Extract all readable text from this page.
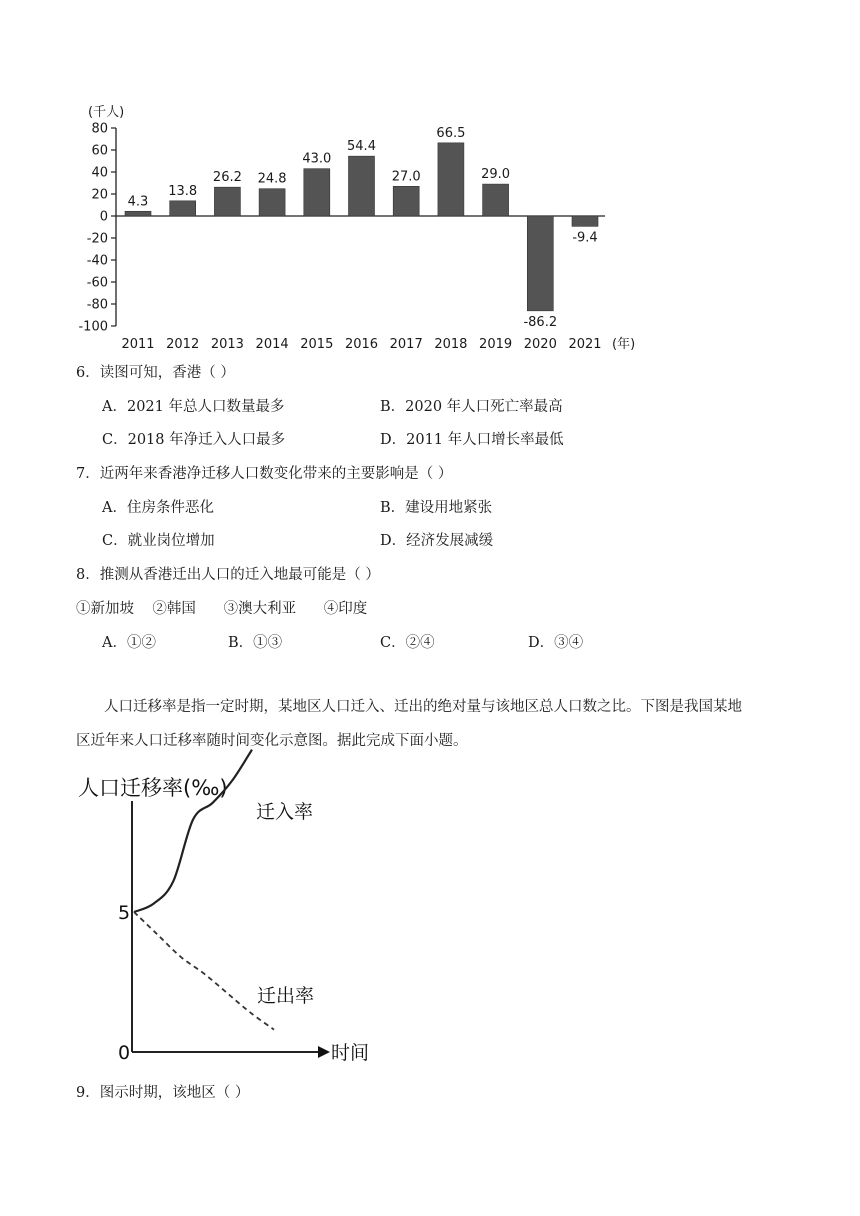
(千人)
80
60
40
20
0
-20
-40
-60
-80
-100
4.3
13.8
26.2 24.8
43.0
54.4
27.0
66.5
29.0
-86.2
-9.4
2011 2012 2013 2014 2015 2016 2017 2018 2019 2020 2021 (年)
6．读图可知，香港（ ）
A．2021 年总人口数量最多	B．2020 年人口死亡率最高
C．2018 年净迁入人口最多	D．2011 年人口增长率最低
7．近两年来香港净迁移人口数变化带来的主要影响是（ ）
A．住房条件恶化	B．建设用地紧张
C．就业岗位增加	D．经济发展减缓
8．推测从香港迁出人口的迁入地最可能是（ ）
①新加坡    ②韩国      ③澳大利亚      ④印度
A．①②	B．①③	C．②④	D．③④
人口迁移率是指一定时期，某地区人口迁入、迁出的绝对量与该地区总人口数之比。下图是我国某地
区近年来人口迁移率随时间变化示意图。据此完成下面小题。
人口迁移率(‰)
时间
5
0
迁入率
迁出率
9．图示时期，该地区（ ）
